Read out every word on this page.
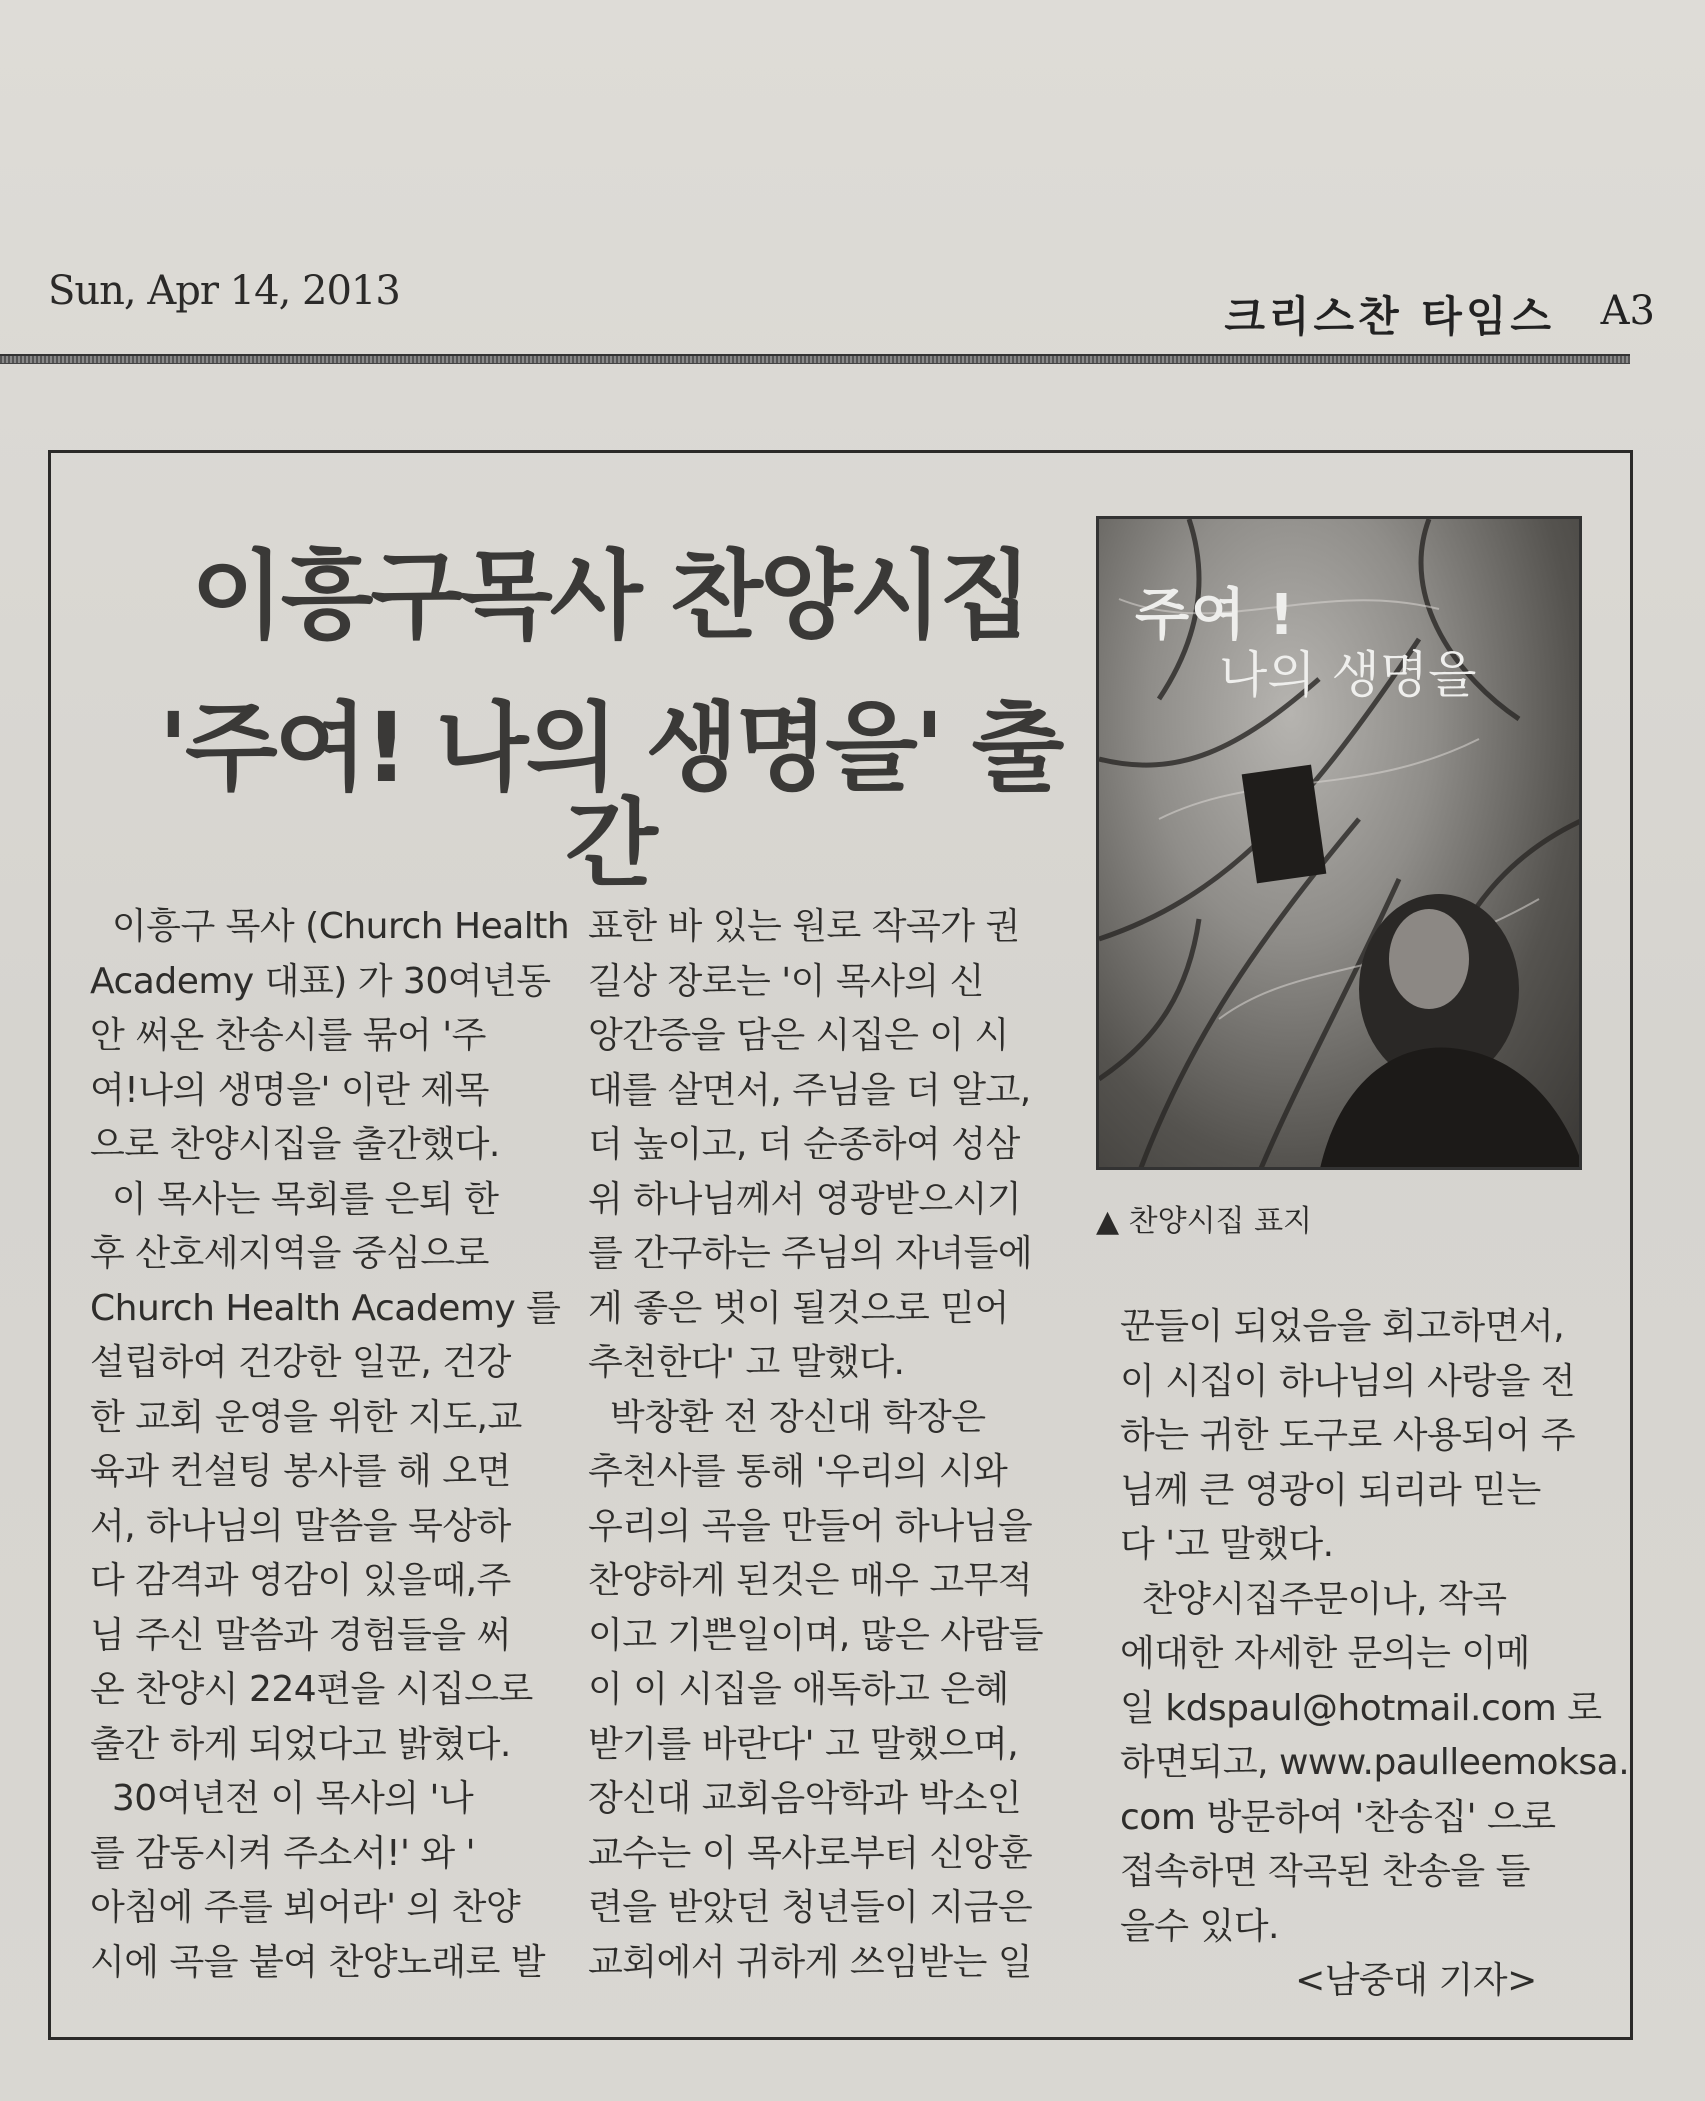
Sun, Apr 14, 2013
크리스찬 타임스 A3
이흥구목사 찬양시집
'주여! 나의 생명을' 출간
주여 !
나의 생명을
▲ 찬양시집 표지
이흥구 목사 (Church Health
Academy 대표) 가 30여년동
안 써온 찬송시를 묶어 '주
여!나의 생명을' 이란 제목
으로 찬양시집을 출간했다.
이 목사는 목회를 은퇴 한
후 산호세지역을 중심으로
Church Health Academy 를
설립하여 건강한 일꾼, 건강
한 교회 운영을 위한 지도,교
육과 컨설팅 봉사를 해 오면
서, 하나님의 말씀을 묵상하
다 감격과 영감이 있을때,주
님 주신 말씀과 경험들을 써
온 찬양시 224편을 시집으로
출간 하게 되었다고 밝혔다.
30여년전 이 목사의 '나
를 감동시켜 주소서!' 와 '
아침에 주를 뵈어라' 의 찬양
시에 곡을 붙여 찬양노래로 발
표한 바 있는 원로 작곡가 권
길상 장로는 '이 목사의 신
앙간증을 담은 시집은 이 시
대를 살면서, 주님을 더 알고,
더 높이고, 더 순종하여 성삼
위 하나님께서 영광받으시기
를 간구하는 주님의 자녀들에
게 좋은 벗이 될것으로 믿어
추천한다' 고 말했다.
박창환 전 장신대 학장은
추천사를 통해 '우리의 시와
우리의 곡을 만들어 하나님을
찬양하게 된것은 매우 고무적
이고 기쁜일이며, 많은 사람들
이 이 시집을 애독하고 은혜
받기를 바란다' 고 말했으며,
장신대 교회음악학과 박소인
교수는 이 목사로부터 신앙훈
련을 받았던 청년들이 지금은
교회에서 귀하게 쓰임받는 일
꾼들이 되었음을 회고하면서,
이 시집이 하나님의 사랑을 전
하는 귀한 도구로 사용되어 주
님께 큰 영광이 되리라 믿는
다 '고 말했다.
찬양시집주문이나, 작곡
에대한 자세한 문의는 이메
일 kdspaul@hotmail.com 로
하면되고, www.paulleemoksa.
com 방문하여 '찬송집' 으로
접속하면 작곡된 찬송을 들
을수 있다.
<남중대 기자>
